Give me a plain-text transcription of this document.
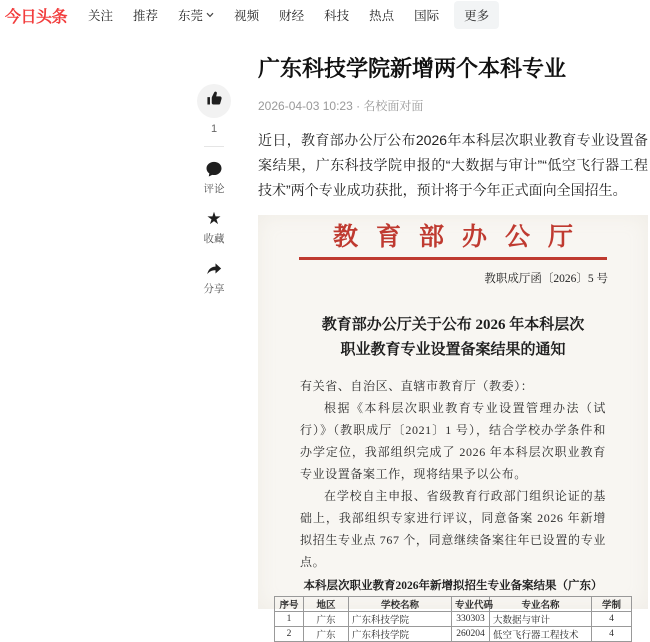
今日头条 关注 推荐 东莞 视频 财经 科技 热点 国际 更多
1
评论
★
收藏
分享
广东科技学院新增两个本科专业
2026-04-03 10:23 · 名校面对面
近日，教育部办公厅公布2026年本科层次职业教育专业设置备案结果，广东科技学院申报的“大数据与审计”“低空飞行器工程技术”两个专业成功获批，预计将于今年正式面向全国招生。
教育部办公厅
教职成厅函〔2026〕5 号
教育部办公厅关于公布 2026 年本科层次
职业教育专业设置备案结果的通知

有关省、自治区、直辖市教育厅（教委）：

根据《本科层次职业教育专业设置管理办法（试行）》（教职成厅〔2021〕1 号），结合学校办学条件和办学定位，我部组织完成了 2026 年本科层次职业教育专业设置备案工作，现将结果予以公布。

在学校自主申报、省级教育行政部门组织论证的基础上，我部组织专家进行评议，同意备案 2026 年新增拟招生专业点 767 个，同意继续备案往年已设置的专业点。

本科层次职业教育2026年新增拟招生专业备案结果（广东）
序号	地区	学校名称	专业代码	专业名称	学制
1	广东	广东科技学院	330303	大数据与审计	4
2	广东	广东科技学院	260204	低空飞行器工程技术	4
